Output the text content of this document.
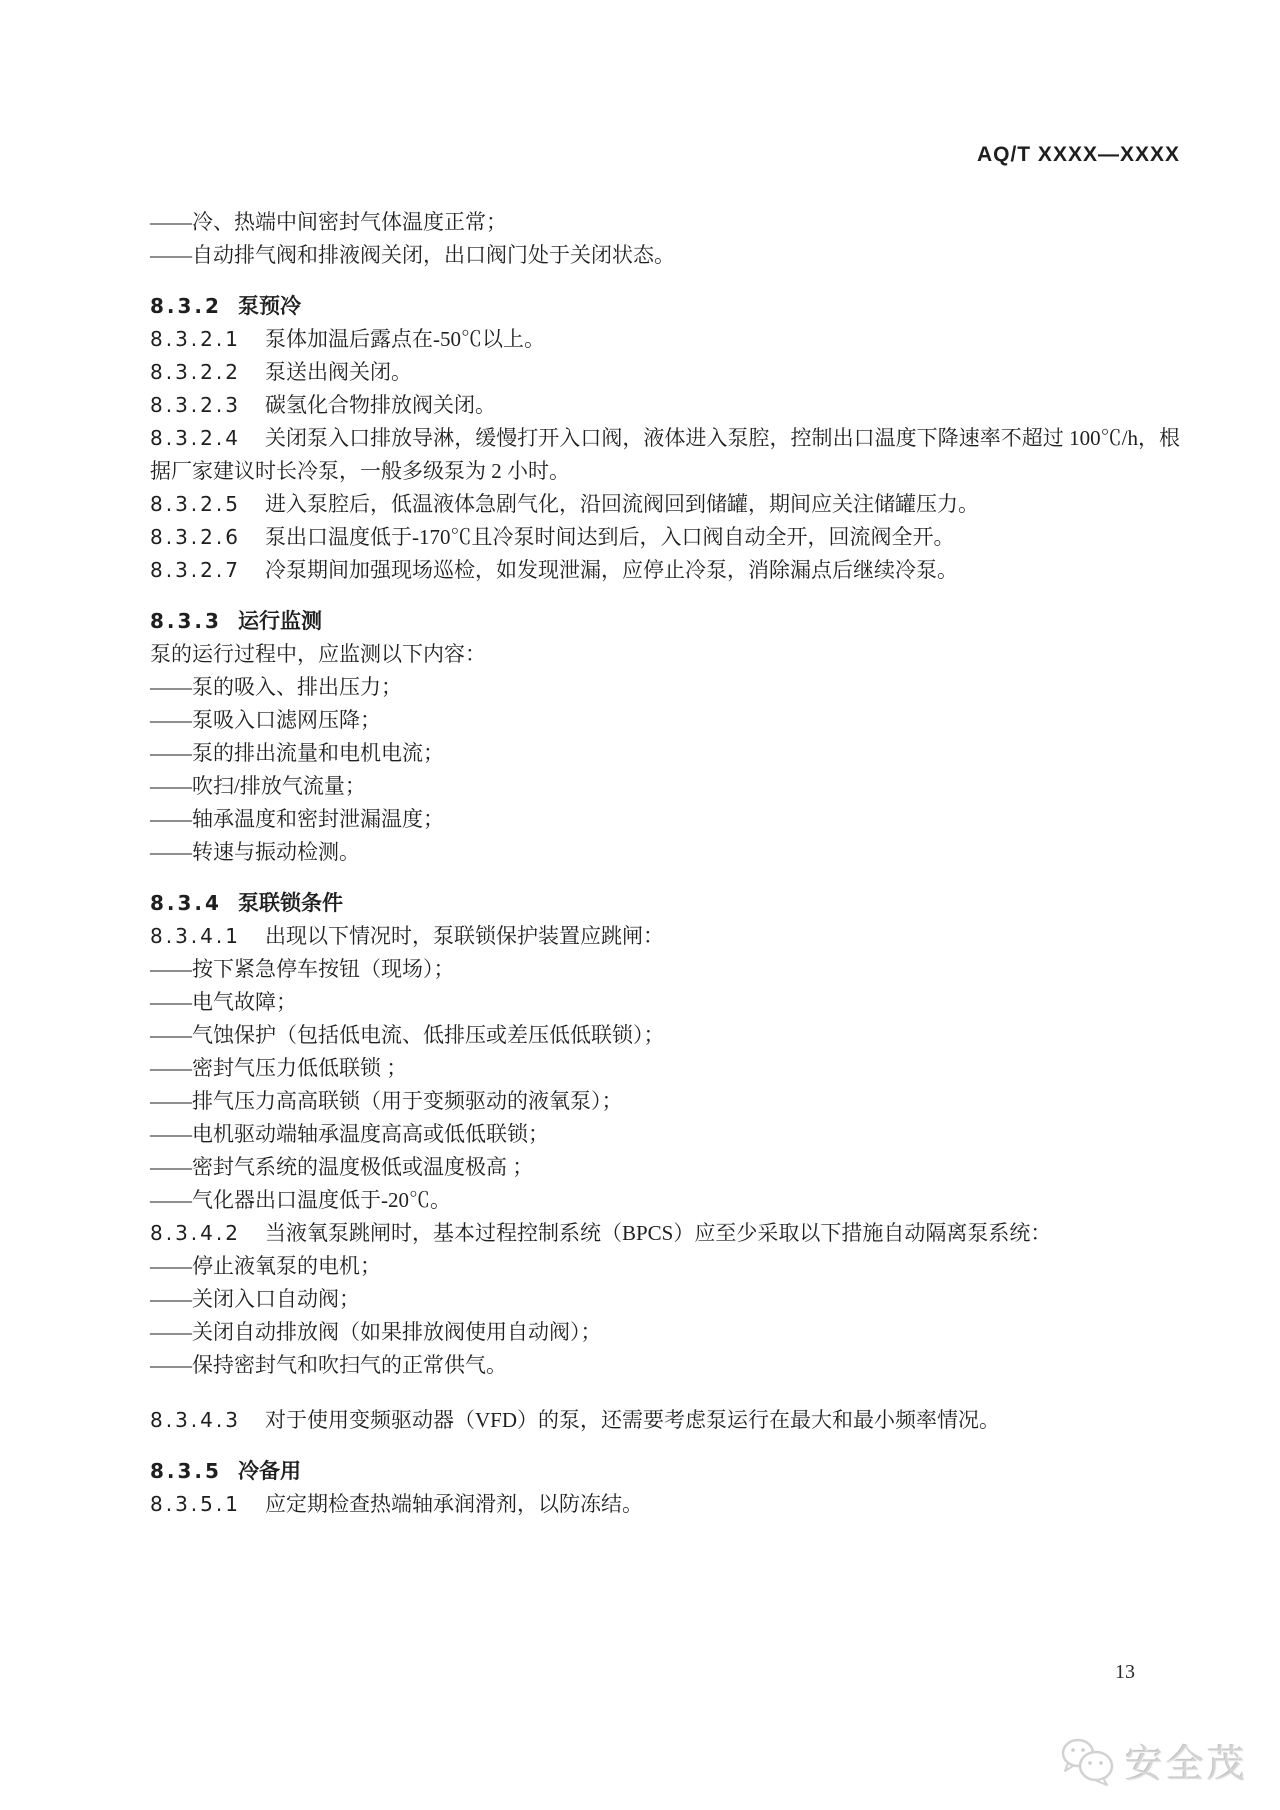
AQ/T XXXX—XXXX

——冷、热端中间密封气体温度正常；

——自动排气阀和排液阀关闭，出口阀门处于关闭状态。

8.3.2 泵预冷

8.3.2.1 泵体加温后露点在-50℃以上。

8.3.2.2 泵送出阀关闭。

8.3.2.3 碳氢化合物排放阀关闭。

8.3.2.4 关闭泵入口排放导淋，缓慢打开入口阀，液体进入泵腔，控制出口温度下降速率不超过 100℃/h，根据厂家建议时长冷泵，一般多级泵为 2 小时。

8.3.2.5 进入泵腔后，低温液体急剧气化，沿回流阀回到储罐，期间应关注储罐压力。

8.3.2.6 泵出口温度低于-170℃且冷泵时间达到后，入口阀自动全开，回流阀全开。

8.3.2.7 冷泵期间加强现场巡检，如发现泄漏，应停止冷泵，消除漏点后继续冷泵。

8.3.3 运行监测

泵的运行过程中，应监测以下内容：

——泵的吸入、排出压力；

——泵吸入口滤网压降；

——泵的排出流量和电机电流；

——吹扫/排放气流量；

——轴承温度和密封泄漏温度；

——转速与振动检测。

8.3.4 泵联锁条件

8.3.4.1 出现以下情况时，泵联锁保护装置应跳闸：

——按下紧急停车按钮（现场）；

——电气故障；

——气蚀保护（包括低电流、低排压或差压低低联锁）；

——密封气压力低低联锁 ；

——排气压力高高联锁（用于变频驱动的液氧泵）；

——电机驱动端轴承温度高高或低低联锁；

——密封气系统的温度极低或温度极高 ；

——气化器出口温度低于-20℃。

8.3.4.2 当液氧泵跳闸时，基本过程控制系统（BPCS）应至少采取以下措施自动隔离泵系统：

——停止液氧泵的电机；

——关闭入口自动阀；

——关闭自动排放阀（如果排放阀使用自动阀）；

——保持密封气和吹扫气的正常供气。

8.3.4.3 对于使用变频驱动器（VFD）的泵，还需要考虑泵运行在最大和最小频率情况。

8.3.5 冷备用

8.3.5.1 应定期检查热端轴承润滑剂，以防冻结。

13
安全茂
